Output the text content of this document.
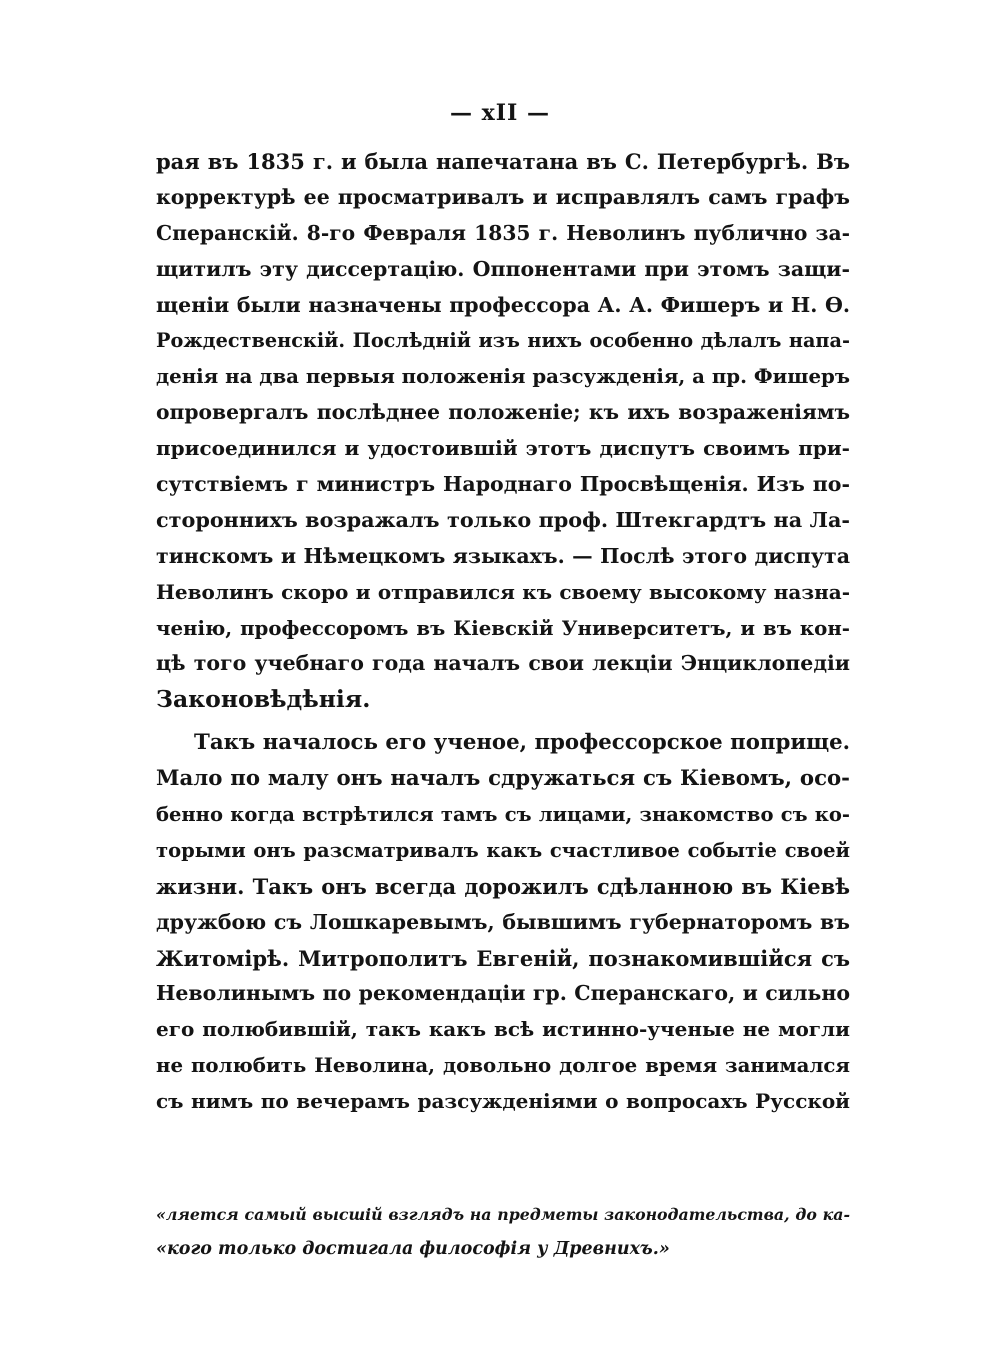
— xII —
рая въ 1835 г. и была напечатана въ С. Петербургѣ. Въ
корректурѣ ее просматривалъ и исправлялъ самъ графъ
Сперанскій. 8-го Февраля 1835 г. Неволинъ публично за-
щитилъ эту диссертацію. Оппонентами при этомъ защи-
щеніи были назначены профессора А. А. Фишеръ и Н. Ѳ.
Рождественскій. Послѣдній изъ нихъ особенно дѣлалъ напа-
денія на два первыя положенія разсужденія, а пр. Фишеръ
опровергалъ послѣднее положеніе; къ ихъ возраженіямъ
присоединился и удостоившій этотъ диспутъ своимъ при-
сутствіемъ г министръ Народнаго Просвѣщенія. Изъ по-
стороннихъ возражалъ только проф. Штекгардтъ на Ла-
тинскомъ и Нѣмецкомъ языкахъ. — Послѣ этого диспута
Неволинъ скоро и отправился къ своему высокому назна-
ченію, профессоромъ въ Кіевскій Университетъ, и въ кон-
цѣ того учебнаго года началъ свои лекціи Энциклопедіи
Законовѣдѣнія.
Такъ началось его ученое, профессорское поприще.
Мало по малу онъ началъ сдружаться съ Кіевомъ, осо-
бенно когда встрѣтился тамъ съ лицами, знакомство съ ко-
торыми онъ разсматривалъ какъ счастливое событіе своей
жизни. Такъ онъ всегда дорожилъ сдѣланною въ Кіевѣ
дружбою съ Лошкаревымъ, бывшимъ губернаторомъ въ
Житомірѣ. Митрополитъ Евгеній, познакомившійся съ
Неволинымъ по рекомендаціи гр. Сперанскаго, и сильно
его полюбившій, такъ какъ всѣ истинно-ученые не могли
не полюбить Неволина, довольно долгое время занимался
съ нимъ по вечерамъ разсужденіями о вопросахъ Русской
«ляется самый высшій взглядъ на предметы законодательства, до ка-
«кого только достигала философія у Древнихъ.»
